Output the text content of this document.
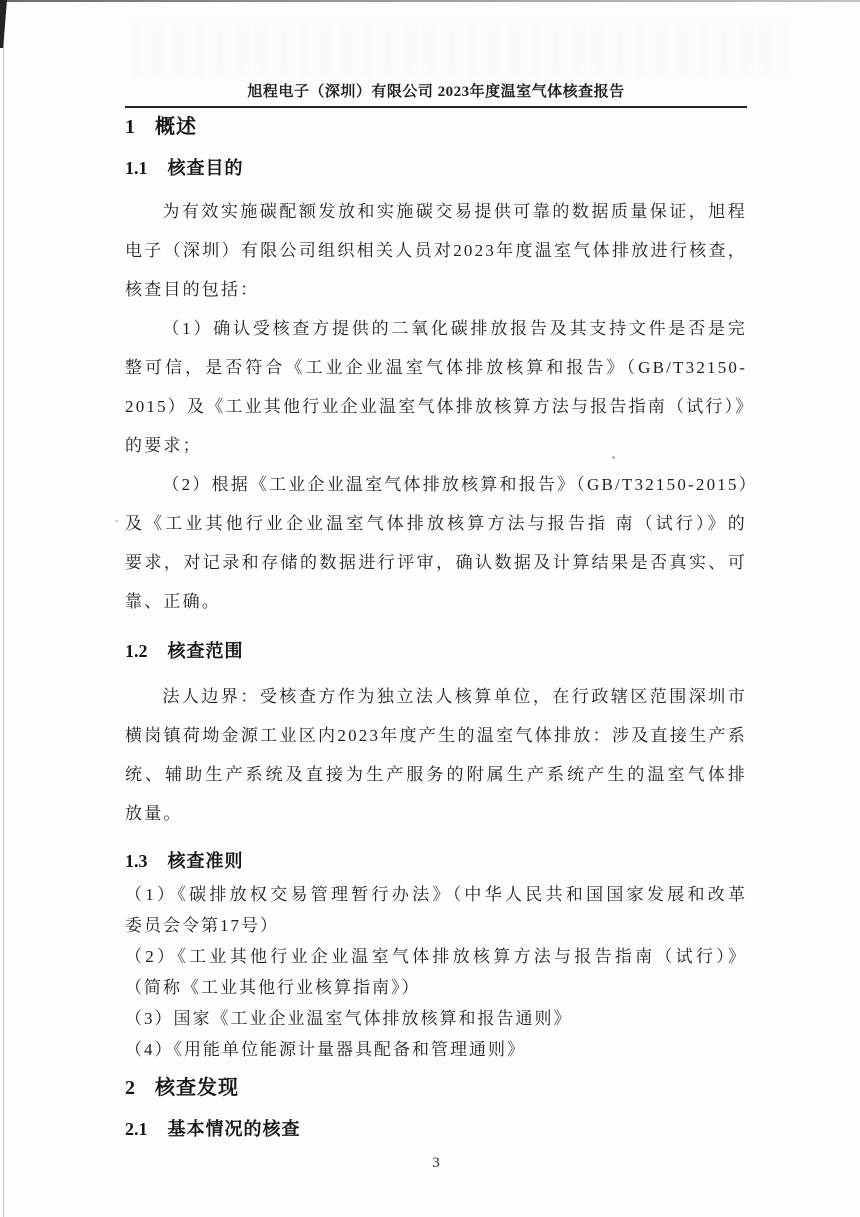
旭程电子（深圳）有限公司 2023年度温室气体核查报告
1 概述
1.1 核查目的
为有效实施碳配额发放和实施碳交易提供可靠的数据质量保证，旭程
电子（深圳）有限公司组织相关人员对2023年度温室气体排放进行核查，
核查目的包括：
（1）确认受核查方提供的二氧化碳排放报告及其支持文件是否是完
整可信，是否符合《工业企业温室气体排放核算和报告》（GB/T32150-
2015）及《工业其他行业企业温室气体排放核算方法与报告指南（试行）》
的要求；
（2）根据《工业企业温室气体排放核算和报告》（GB/T32150-2015）
及《工业其他行业企业温室气体排放核算方法与报告指 南（试行）》的
要求，对记录和存储的数据进行评审，确认数据及计算结果是否真实、可
靠、正确。
1.2 核查范围
法人边界：受核查方作为独立法人核算单位，在行政辖区范围深圳市
横岗镇荷坳金源工业区内2023年度产生的温室气体排放：涉及直接生产系
统、辅助生产系统及直接为生产服务的附属生产系统产生的温室气体排
放量。
1.3 核查准则
（1）《碳排放权交易管理暂行办法》（中华人民共和国国家发展和改革
委员会令第17号）
（2）《工业其他行业企业温室气体排放核算方法与报告指南（试行）》
（简称《工业其他行业核算指南》）
（3）国家《工业企业温室气体排放核算和报告通则》
（4）《用能单位能源计量器具配备和管理通则》
2 核查发现
2.1 基本情况的核查
3
